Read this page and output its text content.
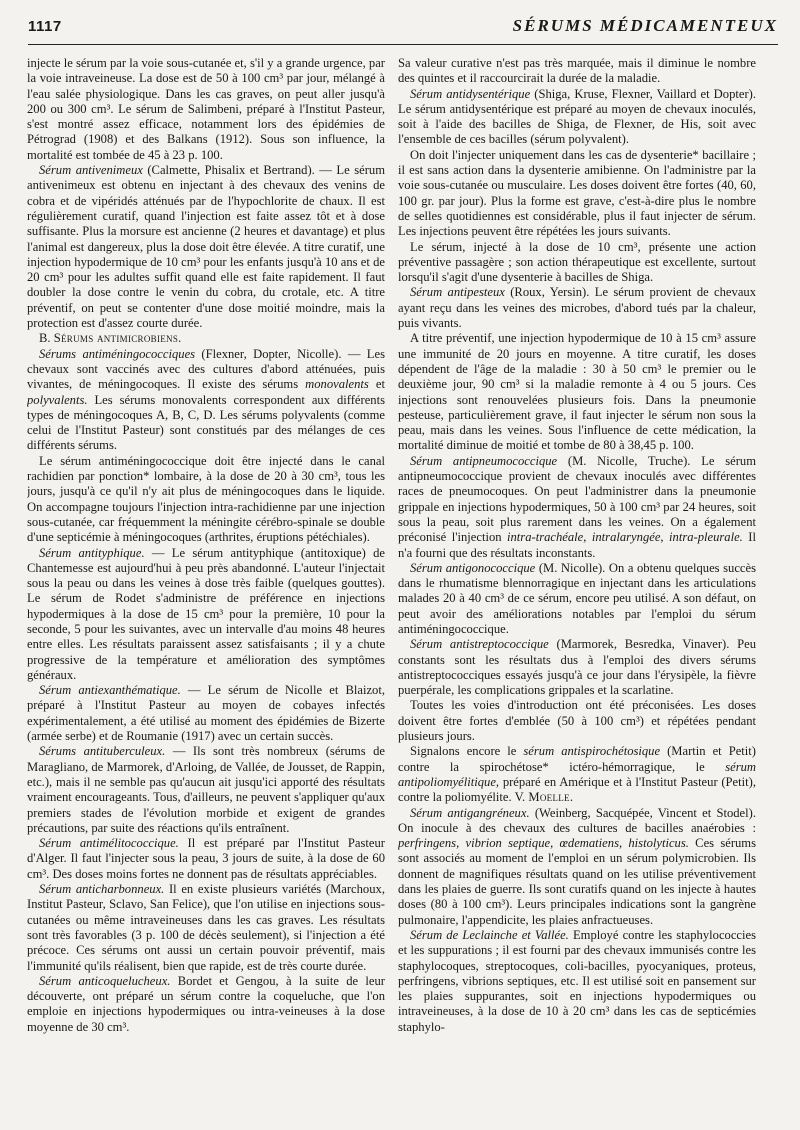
1117	SÉRUMS MÉDICAMENTEUX

injecte le sérum par la voie sous-cutanée et, s'il y a grande urgence, par la voie intraveineuse. La dose est de 50 à 100 cm³ par jour, mélangé à l'eau salée physiologique. Dans les cas graves, on peut aller jusqu'à 200 ou 300 cm³. Le sérum de Salimbeni, préparé à l'Institut Pasteur, s'est montré assez efficace, notamment lors des épidémies de Pétrograd (1908) et des Balkans (1912). Sous son influence, la mortalité est tombée de 45 à 23 p. 100.

Sérum antivenimeux (Calmette, Phisalix et Bertrand). — Le sérum antivenimeux est obtenu en injectant à des chevaux des venins de cobra et de vipéridés atténués par de l'hypochlorite de chaux. Il est régulièrement curatif, quand l'injection est faite assez tôt et à dose suffisante. Plus la morsure est ancienne (2 heures et davantage) et plus l'animal est dangereux, plus la dose doit être élevée. A titre curatif, une injection hypodermique de 10 cm³ pour les enfants jusqu'à 10 ans et de 20 cm³ pour les adultes suffit quand elle est faite rapidement. Il faut doubler la dose contre le venin du cobra, du crotale, etc. A titre préventif, on peut se contenter d'une dose moitié moindre, mais la protection est d'assez courte durée.

B. Sérums antimicrobiens.

Sérums antiméningococciques (Flexner, Dopter, Nicolle). — Les chevaux sont vaccinés avec des cultures d'abord atténuées, puis vivantes, de méningocoques. Il existe des sérums monovalents et polyvalents. Les sérums monovalents correspondent aux différents types de méningocoques A, B, C, D. Les sérums polyvalents (comme celui de l'Institut Pasteur) sont constitués par des mélanges de ces différents sérums.

Le sérum antiméningococcique doit être injecté dans le canal rachidien par ponction* lombaire, à la dose de 20 à 30 cm³, tous les jours, jusqu'à ce qu'il n'y ait plus de méningocoques dans le liquide. On accompagne toujours l'injection intra-rachidienne par une injection sous-cutanée, car fréquemment la méningite cérébro-spinale se double d'une septicémie à méningocoques (arthrites, éruptions pétéchiales).

Sérum antityphique. — Le sérum antityphique (antitoxique) de Chantemesse est aujourd'hui à peu près abandonné. L'auteur l'injectait sous la peau ou dans les veines à dose très faible (quelques gouttes). Le sérum de Rodet s'administre de préférence en injections hypodermiques à la dose de 15 cm³ pour la première, 10 pour la seconde, 5 pour les suivantes, avec un intervalle d'au moins 48 heures entre elles. Les résultats paraissent assez satisfaisants ; il y a chute progressive de la température et amélioration des symptômes généraux.

Sérum antiexanthématique. — Le sérum de Nicolle et Blaizot, préparé à l'Institut Pasteur au moyen de cobayes infectés expérimentalement, a été utilisé au moment des épidémies de Bizerte (armée serbe) et de Roumanie (1917) avec un certain succès.

Sérums antituberculeux. — Ils sont très nombreux (sérums de Maragliano, de Marmorek, d'Arloing, de Vallée, de Jousset, de Rappin, etc.), mais il ne semble pas qu'aucun ait jusqu'ici apporté des résultats vraiment encourageants. Tous, d'ailleurs, ne peuvent s'appliquer qu'aux premiers stades de l'évolution morbide et exigent de grandes précautions, par suite des réactions qu'ils entraînent.

Sérum antimélitococcique. Il est préparé par l'Institut Pasteur d'Alger. Il faut l'injecter sous la peau, 3 jours de suite, à la dose de 60 cm³. Des doses moins fortes ne donnent pas de résultats appréciables.

Sérum anticharbonneux. Il en existe plusieurs variétés (Marchoux, Institut Pasteur, Sclavo, San Felice), que l'on utilise en injections sous-cutanées ou même intraveineuses dans les cas graves. Les résultats sont très favorables (3 p. 100 de décès seulement), si l'injection a été précoce. Ces sérums ont aussi un certain pouvoir préventif, mais l'immunité qu'ils réalisent, bien que rapide, est de très courte durée.

Sérum anticoquelucheux. Bordet et Gengou, à la suite de leur découverte, ont préparé un sérum contre la coqueluche, que l'on emploie en injections hypodermiques ou intra-veineuses à la dose moyenne de 30 cm³.

Sa valeur curative n'est pas très marquée, mais il diminue le nombre des quintes et il raccourcirait la durée de la maladie.

Sérum antidysentérique (Shiga, Kruse, Flexner, Vaillard et Dopter). Le sérum antidysentérique est préparé au moyen de chevaux inoculés, soit à l'aide des bacilles de Shiga, de Flexner, de His, soit avec l'ensemble de ces bacilles (sérum polyvalent).

On doit l'injecter uniquement dans les cas de dysenterie* bacillaire ; il est sans action dans la dysenterie amibienne. On l'administre par la voie sous-cutanée ou musculaire. Les doses doivent être fortes (40, 60, 100 gr. par jour). Plus la forme est grave, c'est-à-dire plus le nombre de selles quotidiennes est considérable, plus il faut injecter de sérum. Les injections peuvent être répétées les jours suivants.

Le sérum, injecté à la dose de 10 cm³, présente une action préventive passagère ; son action thérapeutique est excellente, surtout lorsqu'il s'agit d'une dysenterie à bacilles de Shiga.

Sérum antipesteux (Roux, Yersin). Le sérum provient de chevaux ayant reçu dans les veines des microbes, d'abord tués par la chaleur, puis vivants.

A titre préventif, une injection hypodermique de 10 à 15 cm³ assure une immunité de 20 jours en moyenne. A titre curatif, les doses dépendent de l'âge de la maladie : 30 à 50 cm³ le premier ou le deuxième jour, 90 cm³ si la maladie remonte à 4 ou 5 jours. Ces injections sont renouvelées plusieurs fois. Dans la pneumonie pesteuse, particulièrement grave, il faut injecter le sérum non sous la peau, mais dans les veines. Sous l'influence de cette médication, la mortalité diminue de moitié et tombe de 80 à 38,45 p. 100.

Sérum antipneumococcique (M. Nicolle, Truche). Le sérum antipneumococcique provient de chevaux inoculés avec différentes races de pneumocoques. On peut l'administrer dans la pneumonie grippale en injections hypodermiques, 50 à 100 cm³ par 24 heures, soit sous la peau, soit plus rarement dans les veines. On a également préconisé l'injection intra-trachéale, intralaryngée, intra-pleurale. Il n'a fourni que des résultats inconstants.

Sérum antigonococcique (M. Nicolle). On a obtenu quelques succès dans le rhumatisme blennorragique en injectant dans les articulations malades 20 à 40 cm³ de ce sérum, encore peu utilisé. A son défaut, on peut avoir des améliorations notables par l'emploi du sérum antiméningococcique.

Sérum antistreptococcique (Marmorek, Besredka, Vinaver). Peu constants sont les résultats dus à l'emploi des divers sérums antistreptococciques essayés jusqu'à ce jour dans l'érysipèle, la fièvre puerpérale, les complications grippales et la scarlatine.

Toutes les voies d'introduction ont été préconisées. Les doses doivent être fortes d'emblée (50 à 100 cm³) et répétées pendant plusieurs jours.

Signalons encore le sérum antispirochétosique (Martin et Petit) contre la spirochétose* ictéro-hémorragique, le sérum antipoliomyélitique, préparé en Amérique et à l'Institut Pasteur (Petit), contre la poliomyélite. V. Moelle.

Sérum antigangréneux. (Weinberg, Sacquépée, Vincent et Stodel). On inocule à des chevaux des cultures de bacilles anaérobies : perfringens, vibrion septique, œdematiens, histolyticus. Ces sérums sont associés au moment de l'emploi en un sérum polymicrobien. Ils donnent de magnifiques résultats quand on les utilise préventivement dans les plaies de guerre. Ils sont curatifs quand on les injecte à hautes doses (80 à 100 cm³). Leurs principales indications sont la gangrène pulmonaire, l'appendicite, les plaies anfractueuses.

Sérum de Leclainche et Vallée. Employé contre les staphylococcies et les suppurations ; il est fourni par des chevaux immunisés contre les staphylocoques, streptocoques, coli-bacilles, pyocyaniques, proteus, perfringens, vibrions septiques, etc. Il est utilisé soit en pansement sur les plaies suppurantes, soit en injections hypodermiques ou intraveineuses, à la dose de 10 à 20 cm³ dans les cas de septicémies staphylo-
